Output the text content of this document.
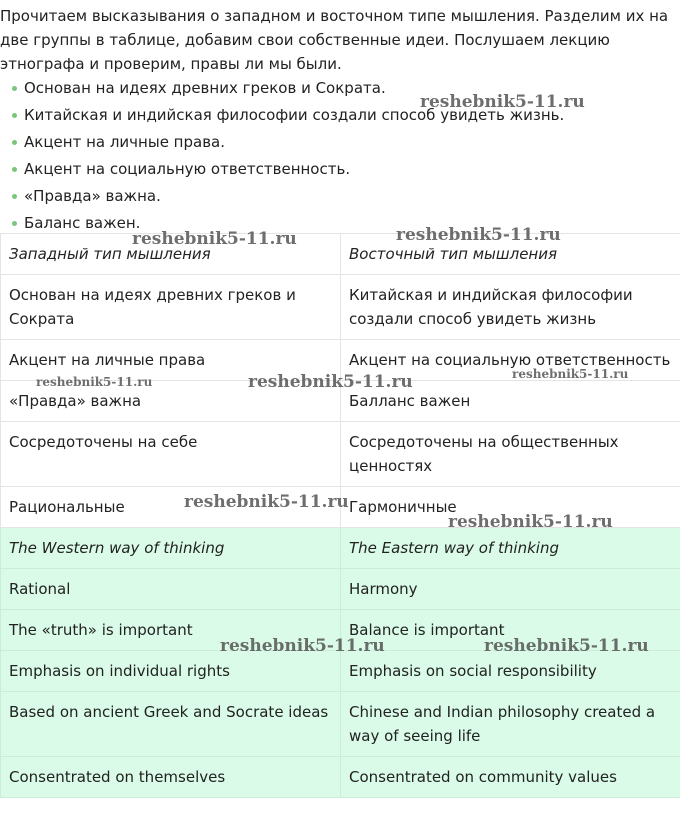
Прочитаем высказывания о западном и восточном типе мышления. Разделим их на две группы в таблице, добавим свои собственные идеи. Послушаем лекцию этнографа и проверим, правы ли мы были.

Основан на идеях древних греков и Сократа.
Китайская и индийская философии создали способ увидеть жизнь.
Акцент на личные права.
Акцент на социальную ответственность.
«Правда» важна.
Баланс важен.
Западный тип мышления	Восточный тип мышления
Основан на идеях древних греков и Сократа	Китайская и индийская философии создали способ увидеть жизнь
Акцент на личные права	Акцент на социальную ответственность
«Правда» важна	Балланс важен
Сосредоточены на себе	Сосредоточены на общественных ценностях
Рациональные	Гармоничные
The Western way of thinking	The Eastern way of thinking
Rational	Harmony
The «truth» is important	Balance is important
Emphasis on individual rights	Emphasis on social responsibility
Based on ancient Greek and Socrate ideas	Chinese and Indian philosophy created a way of seeing life
Consentrated on themselves	Consentrated on community values
reshebnik5-11.ru
reshebnik5-11.ru	reshebnik5-11.ru
reshebnik5-11.ru	reshebnik5-11.ru	reshebnik5-11.ru
reshebnik5-11.ru
reshebnik5-11.ru
reshebnik5-11.ru	reshebnik5-11.ru
